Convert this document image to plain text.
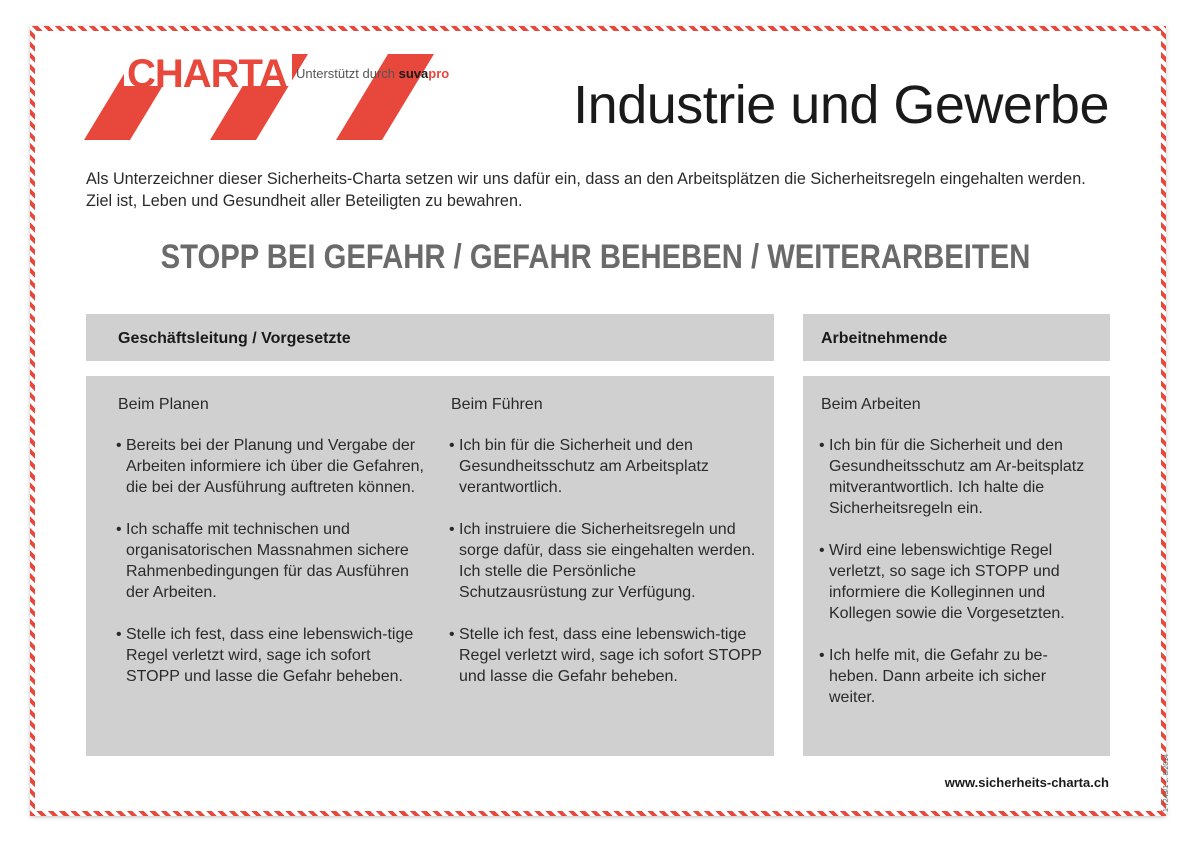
CHARTA Unterstützt durch suvapro
Industrie und Gewerbe
Als Unterzeichner dieser Sicherheits-Charta setzen wir uns dafür ein, dass an den Arbeitsplätzen die Sicherheitsregeln eingehalten werden. Ziel ist, Leben und Gesundheit aller Beteiligten zu bewahren.
STOPP BEI GEFAHR / GEFAHR BEHEBEN / WEITERARBEITEN
Geschäftsleitung / Vorgesetzte	Arbeitnehmende
Beim Planen
• Bereits bei der Planung und Vergabe der Arbeiten informiere ich über die Gefahren, die bei der Ausführung auftreten können.
• Ich schaffe mit technischen und organisatorischen Massnahmen sichere Rahmenbedingungen für das Ausführen der Arbeiten.
• Stelle ich fest, dass eine lebenswich-tige Regel verletzt wird, sage ich sofort STOPP und lasse die Gefahr beheben.
Beim Führen
• Ich bin für die Sicherheit und den Gesundheitsschutz am Arbeitsplatz verantwortlich.
• Ich instruiere die Sicherheitsregeln und sorge dafür, dass sie eingehalten werden. Ich stelle die Persönliche Schutzausrüstung zur Verfügung.
• Stelle ich fest, dass eine lebenswich-tige Regel verletzt wird, sage ich sofort STOPP und lasse die Gefahr beheben.
Beim Arbeiten
• Ich bin für die Sicherheit und den Gesundheitsschutz am Ar-beitsplatz mitverantwortlich. Ich halte die Sicherheitsregeln ein.
• Wird eine lebenswichtige Regel verletzt, so sage ich STOPP und informiere die Kolleginnen und Kollegen sowie die Vorgesetzten.
• Ich helfe mit, die Gefahr zu be-heben. Dann arbeite ich sicher weiter.
www.sicherheits-charta.ch	1 7243/1 c. 8/2014
